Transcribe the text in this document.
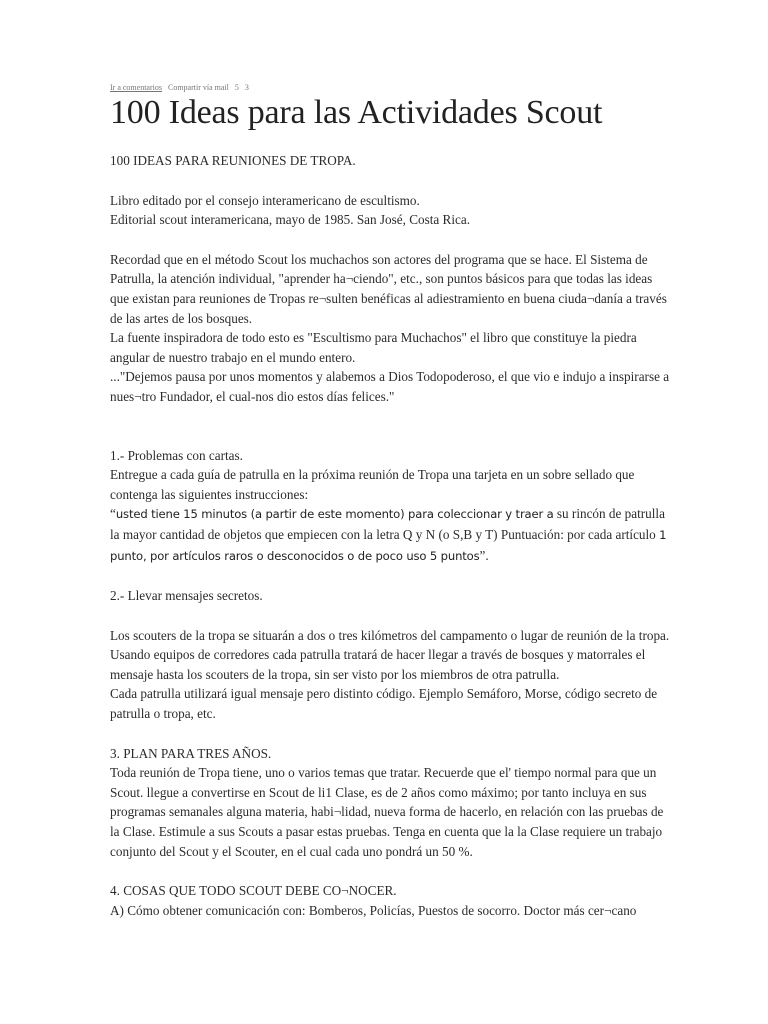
Ir a comentarios Compartir vía mail 5 3
100 Ideas para las Actividades Scout

100 IDEAS PARA REUNIONES DE TROPA.

Libro editado por el consejo interamericano de escultismo.

Editorial scout interamericana, mayo de 1985. San José, Costa Rica.

Recordad que en el método Scout los muchachos son actores del programa que se hace. El Sistema de Patrulla, la atención individual, "aprender ha¬ciendo", etc., son puntos básicos para que todas las ideas que existan para reuniones de Tropas re¬sulten benéficas al adiestramiento en buena ciuda¬danía a través de las artes de los bosques.

La fuente inspiradora de todo esto es "Escultismo para Muchachos" el libro que constituye la piedra angular de nuestro trabajo en el mundo entero.

..."Dejemos pausa por unos momentos y alabemos a Dios Todopoderoso, el que vio e indujo a inspirarse a nues¬tro Fundador, el cual-nos dio estos días felices."

1.- Problemas con cartas.

Entregue a cada guía de patrulla en la próxima reunión de Tropa una tarjeta en un sobre sellado que contenga las siguientes instrucciones:

“usted tiene 15 minutos (a partir de este momento) para coleccionar y traer a su rincón de patrulla la mayor cantidad de objetos que empiecen con la letra Q y N (o S,B y T) Puntuación: por cada artículo 1 punto, por artículos raros o desconocidos o de poco uso 5 puntos”.

2.- Llevar mensajes secretos.

Los scouters de la tropa se situarán a dos o tres kilómetros del campamento o lugar de reunión de la tropa.

Usando equipos de corredores cada patrulla tratará de hacer llegar a través de bosques y matorrales el mensaje hasta los scouters de la tropa, sin ser visto por los miembros de otra patrulla.

Cada patrulla utilizará igual mensaje pero distinto código. Ejemplo Semáforo, Morse, código secreto de patrulla o tropa, etc.

3. PLAN PARA TRES AÑOS.

Toda reunión de Tropa tiene, uno o varios temas que tratar. Recuerde que el' tiempo normal para que un Scout. llegue a convertirse en Scout de li1 Clase, es de 2 años como máximo; por tanto incluya en sus programas semanales alguna materia, habi¬lidad, nueva forma de hacerlo, en relación con las pruebas de la Clase. Estimule a sus Scouts a pasar estas pruebas. Tenga en cuenta que la la Clase requiere un trabajo conjunto del Scout y el Scouter, en el cual cada uno pondrá un 50 %.

4. COSAS QUE TODO SCOUT DEBE CO¬NOCER.

A) Cómo obtener comunicación con: Bomberos, Policías, Puestos de socorro. Doctor más cer¬cano
